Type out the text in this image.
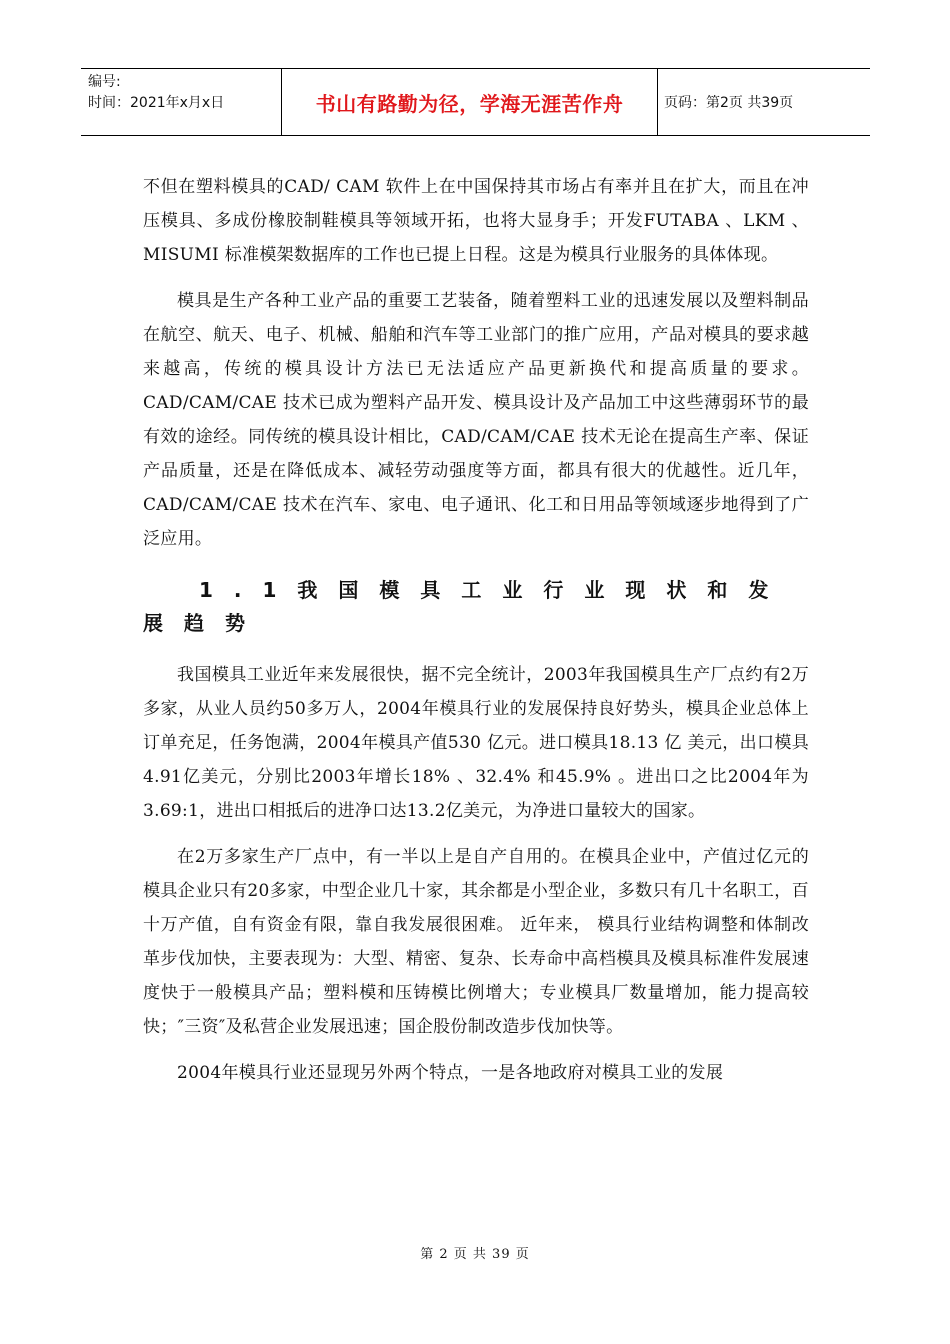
编号:
时间：2021年x月x日	书山有路勤为径，学海无涯苦作舟	页码：第2页 共39页

不但在塑料模具的CAD/ CAM 软件上在中国保持其市场占有率并且在扩大，而且在冲压模具、多成份橡胶制鞋模具等领域开拓，也将大显身手；开发FUTABA 、LKM 、MISUMI 标准模架数据库的工作也已提上日程。这是为模具行业服务的具体体现。

模具是生产各种工业产品的重要工艺装备，随着塑料工业的迅速发展以及塑料制品在航空、航天、电子、机械、船舶和汽车等工业部门的推广应用，产品对模具的要求越来越高，传统的模具设计方法已无法适应产品更新换代和提高质量的要求。CAD/CAM/CAE 技术已成为塑料产品开发、模具设计及产品加工中这些薄弱环节的最有效的途经。同传统的模具设计相比，CAD/CAM/CAE 技术无论在提高生产率、保证产品质量，还是在降低成本、减轻劳动强度等方面，都具有很大的优越性。近几年，CAD/CAM/CAE 技术在汽车、家电、电子通讯、化工和日用品等领域逐步地得到了广泛应用。

1.1我国模具工业行业现状和发展趋势

我国模具工业近年来发展很快，据不完全统计，2003年我国模具生产厂点约有2万多家，从业人员约50多万人，2004年模具行业的发展保持良好势头，模具企业总体上订单充足，任务饱满，2004年模具产值530 亿元。进口模具18.13 亿 美元，出口模具4.91亿美元，分别比2003年增长18% 、32.4% 和45.9% 。进出口之比2004年为3.69:1，进出口相抵后的进净口达13.2亿美元，为净进口量较大的国家。

在2万多家生产厂点中，有一半以上是自产自用的。在模具企业中，产值过亿元的模具企业只有20多家，中型企业几十家，其余都是小型企业，多数只有几十名职工，百十万产值，自有资金有限，靠自我发展很困难。 近年来， 模具行业结构调整和体制改革步伐加快，主要表现为：大型、精密、复杂、长寿命中高档模具及模具标准件发展速度快于一般模具产品；塑料模和压铸模比例增大；专业模具厂数量增加，能力提高较快；″三资″及私营企业发展迅速；国企股份制改造步伐加快等。

2004年模具行业还显现另外两个特点，一是各地政府对模具工业的发展

第 2 页 共 39 页
